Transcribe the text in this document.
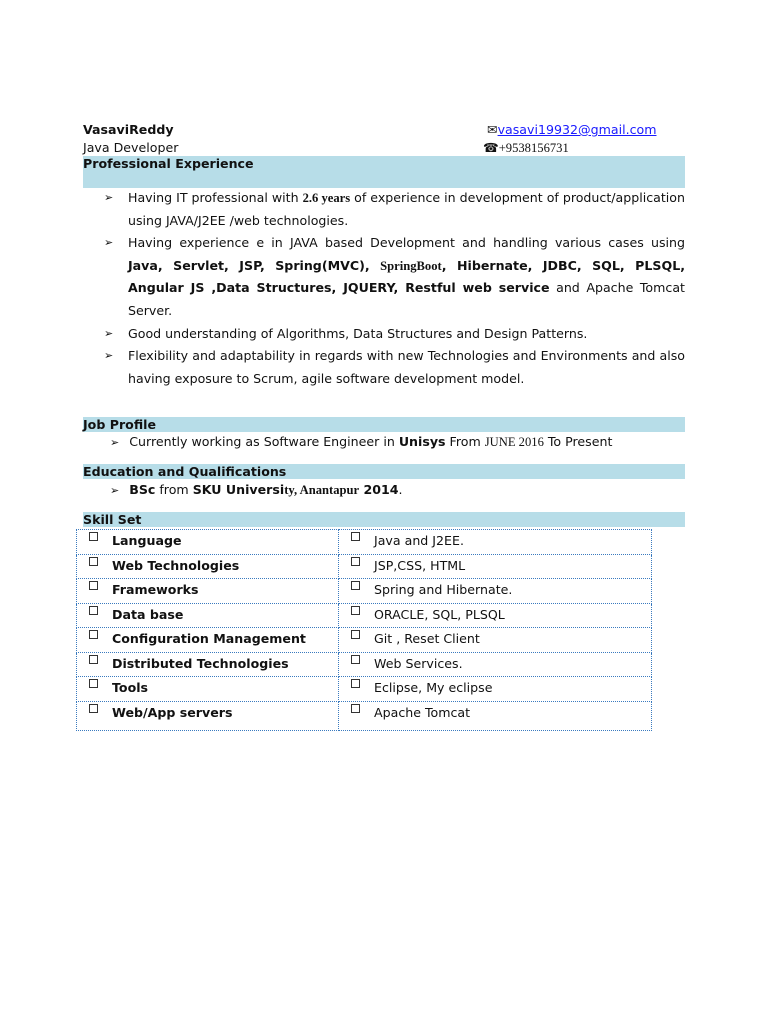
VasaviReddy
Java Developer
✉vasavi19932@gmail.com
☎+9538156731
Professional Experience
➢ Having IT professional with 2.6 years of experience in development of product/application using JAVA/J2EE /web technologies.
➢ Having experience e in JAVA based Development and handling various cases using Java, Servlet, JSP, Spring(MVC), SpringBoot, Hibernate, JDBC, SQL, PLSQL, Angular JS ,Data Structures, JQUERY, Restful web service and Apache Tomcat Server.
➢ Good understanding of Algorithms, Data Structures and Design Patterns.
➢ Flexibility and adaptability in regards with new Technologies and Environments and also having exposure to Scrum, agile software development model.
Job Profile
➢ Currently working as Software Engineer in Unisys From JUNE 2016 To Present
Education and Qualifications
➢ BSc from SKU University, Anantapur 2014.
Skill Set
Language	Java and J2EE.

Web Technologies	JSP,CSS, HTML

Frameworks	Spring and Hibernate.

Data base	ORACLE, SQL, PLSQL

Configuration Management	Git , Reset Client

Distributed Technologies	Web Services.

Tools	Eclipse, My eclipse

Web/App servers	Apache Tomcat
